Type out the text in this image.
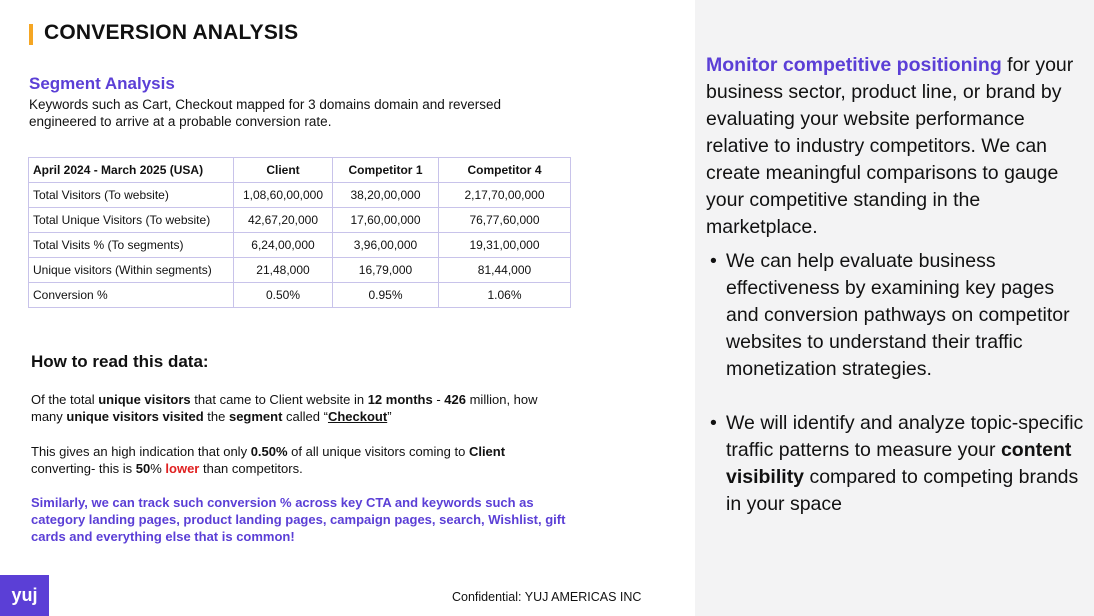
CONVERSION ANALYSIS
Segment Analysis
Keywords such as Cart, Checkout mapped for 3 domains domain and reversed engineered to arrive at a probable conversion rate.
April 2024 - March 2025 (USA)	Client	Competitor 1	Competitor 4
Total Visitors (To website)	1,08,60,00,000	38,20,00,000	2,17,70,00,000
Total Unique Visitors (To website)	42,67,20,000	17,60,00,000	76,77,60,000
Total Visits % (To segments)	6,24,00,000	3,96,00,000	19,31,00,000
Unique visitors (Within segments)	21,48,000	16,79,000	81,44,000
Conversion %	0.50%	0.95%	1.06%
How to read this data:
Of the total unique visitors that came to Client website in 12 months - 426 million, how many unique visitors visited the segment called “Checkout”
This gives an high indication that only 0.50% of all unique visitors coming to Client converting- this is 50% lower than competitors.
Similarly, we can track such conversion % across key CTA and keywords such as category landing pages, product landing pages, campaign pages, search, Wishlist, gift cards and everything else that is common!
yuj	Confidential: YUJ AMERICAS INC
Monitor competitive positioning for your business sector, product line, or brand by evaluating your website performance relative to industry competitors. We can create meaningful comparisons to gauge your competitive standing in the marketplace.
• We can help evaluate business effectiveness by examining key pages and conversion pathways on competitor websites to understand their traffic monetization strategies.
• We will identify and analyze topic-specific traffic patterns to measure your content visibility compared to competing brands in your space
